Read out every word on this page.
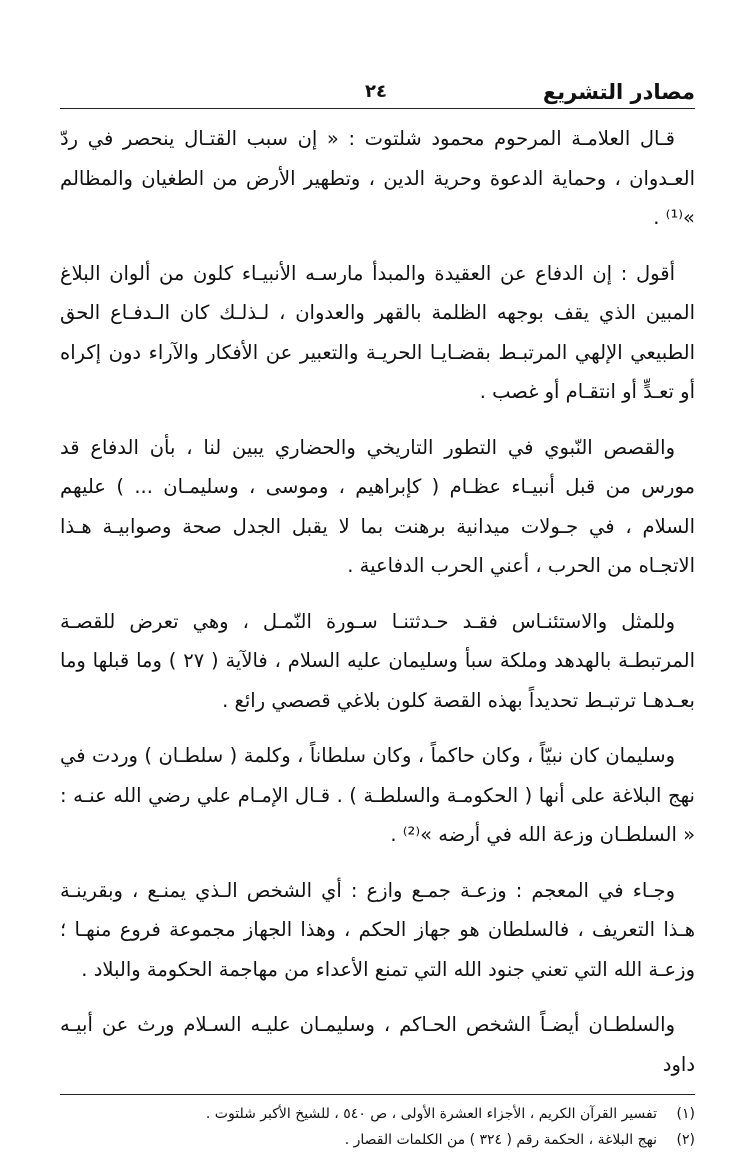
مصادر التشريع
٢٤

قـال العلامـة المرحوم محمود شلتوت : « إن سبب القتـال ينحصر في ردّ العـدوان ، وحماية الدعوة وحرية الدين ، وتطهير الأرض من الطغيان والمظالم »⁽¹⁾ .

أقول : إن الدفاع عن العقيدة والمبدأ مارسـه الأنبيـاء كلون من ألوان البلاغ المبين الذي يقف بوجهه الظلمة بالقهر والعدوان ، لـذلـك كان الـدفـاع الحق الطبيعي الإلهي المرتبـط بقضـايـا الحريـة والتعبير عن الأفكار والآراء دون إكراه أو تعـدٍّ أو انتقـام أو غصب .

والقصص النّبوي في التطور التاريخي والحضاري يبين لنا ، بأن الدفاع قد مورس من قبل أنبيـاء عظـام ( كإبراهيم ، وموسى ، وسليمـان ... ) عليهم السلام ، في جـولات ميدانية برهنت بما لا يقبل الجدل صحة وصوابيـة هـذا الاتجـاه من الحرب ، أعني الحرب الدفاعية .

وللمثل والاستئنـاس فقـد حـدثتنـا سـورة النّمـل ، وهي تعرض للقصـة المرتبطـة بالهدهد وملكة سبأ وسليمان عليه السلام ، فالآية ( ٢٧ ) وما قبلها وما بعـدهـا ترتبـط تحديداً بهذه القصة كلون بلاغي قصصي رائع .

وسليمان كان نبيّاً ، وكان حاكماً ، وكان سلطاناً ، وكلمة ( سلطـان ) وردت في نهج البلاغة على أنها ( الحكومـة والسلطـة ) . قـال الإمـام علي رضي الله عنـه : « السلطـان وزعة الله في أرضه »⁽²⁾ .

وجـاء في المعجم : وزعـة جمـع وازع : أي الشخص الـذي يمنـع ، وبقرينـة هـذا التعريف ، فالسلطان هو جهاز الحكم ، وهذا الجهاز مجموعة فروع منهـا ؛ وزعـة الله التي تعني جنود الله التي تمنع الأعداء من مهاجمة الحكومة والبلاد .

والسلطـان أيضـاً الشخص الحـاكم ، وسليمـان عليـه السـلام ورث عن أبيـه داود

(١)
تفسير القرآن الكريم ، الأجزاء العشرة الأولى ، ص ٥٤٠ ، للشيخ الأكبر شلتوت .
(٢)
نهج البلاغة ، الحكمة رقم ( ٣٢٤ ) من الكلمات القصار .
